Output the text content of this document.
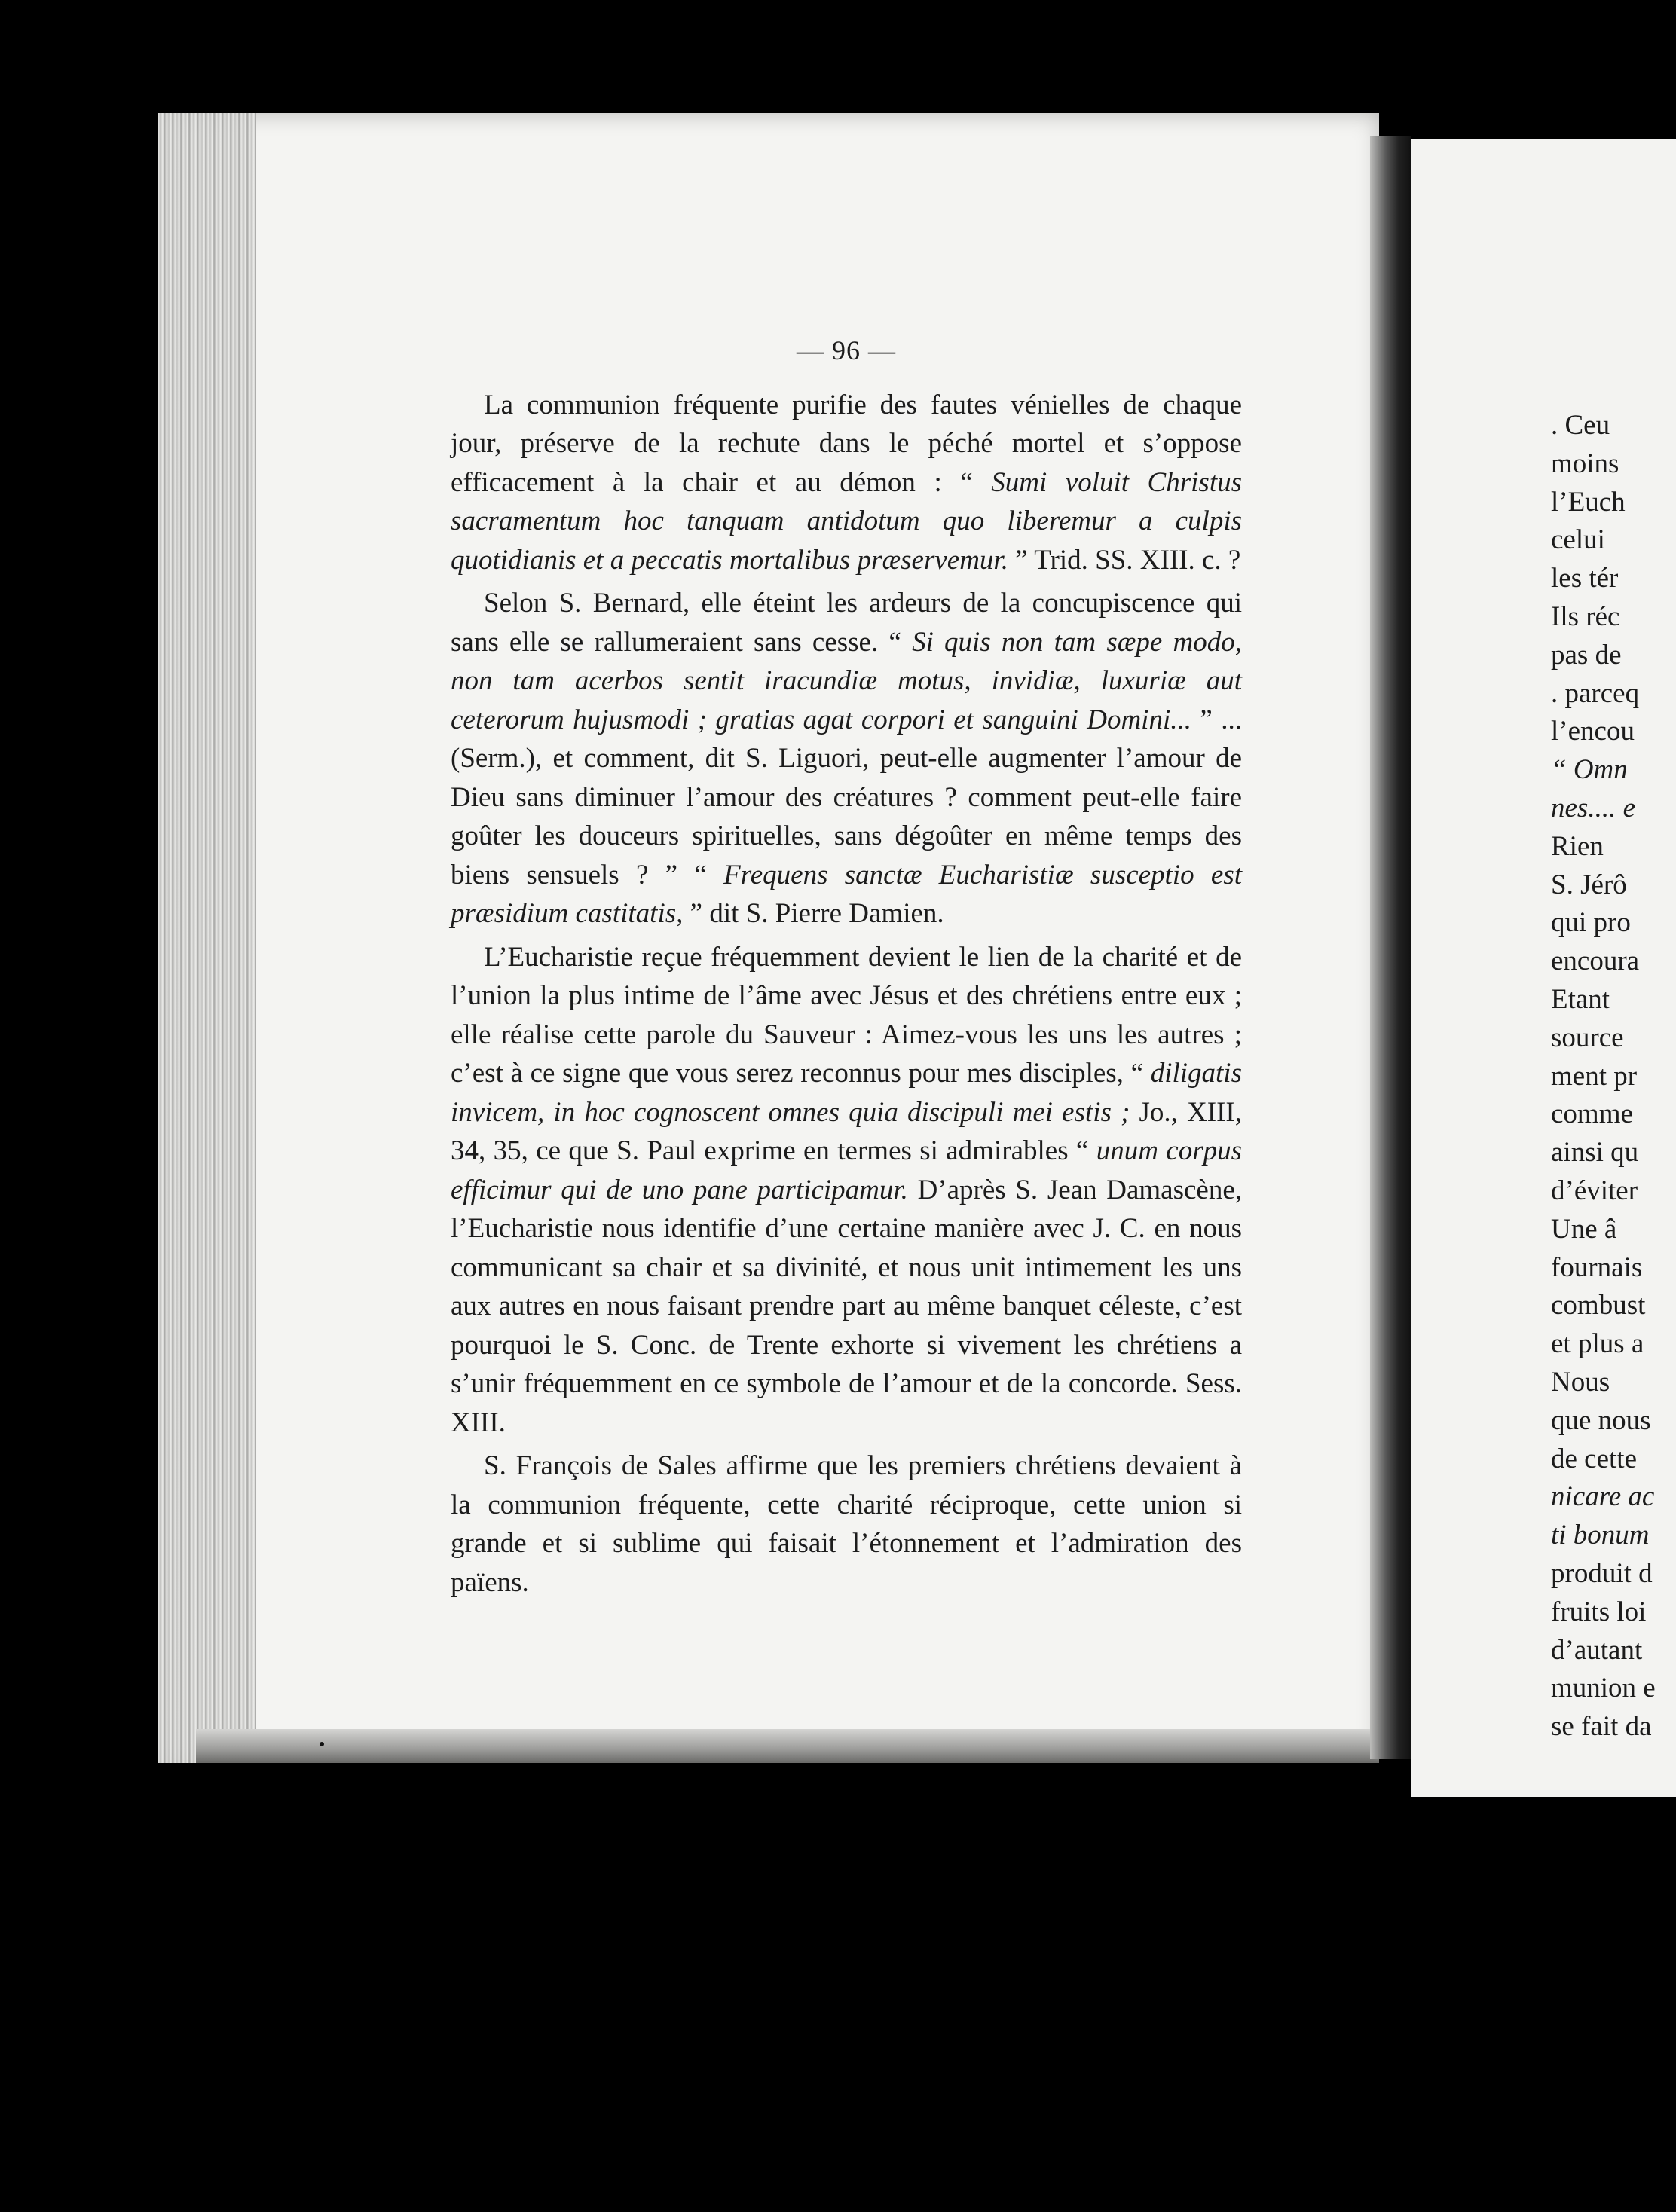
— 96 —

La communion fréquente purifie des fautes vénielles de chaque jour, préserve de la rechute dans le péché mortel et s’oppose efficacement à la chair et au démon : “ Sumi voluit Christus sacramentum hoc tanquam antidotum quo liberemur a culpis quotidianis et a peccatis mortalibus præservemur. ” Trid. SS. XIII. c. ?

Selon S. Bernard, elle éteint les ardeurs de la concupiscence qui sans elle se rallumeraient sans cesse. “ Si quis non tam sæpe modo, non tam acerbos sentit iracundiæ motus, invidiæ, luxuriæ aut ceterorum hujusmodi ; gratias agat corpori et sanguini Domini... ” ...(Serm.), et comment, dit S. Liguori, peut-elle augmenter l’amour de Dieu sans diminuer l’amour des créatures ? comment peut-elle faire goûter les douceurs spirituelles, sans dégoûter en même temps des biens sensuels ? ” “ Frequens sanctæ Eucharistiæ susceptio est præsidium castitatis, ” dit S. Pierre Damien.

L’Eucharistie reçue fréquemment devient le lien de la charité et de l’union la plus intime de l’âme avec Jésus et des chrétiens entre eux ; elle réalise cette parole du Sauveur : Aimez-vous les uns les autres ; c’est à ce signe que vous serez reconnus pour mes disciples, “ diligatis invicem, in hoc cognoscent omnes quia discipuli mei estis ; Jo., XIII, 34, 35, ce que S. Paul exprime en termes si admirables “ unum corpus efficimur qui de uno pane participamur. D’après S. Jean Damascène, l’Eucharistie nous identifie d’une certaine manière avec J. C. en nous communicant sa chair et sa divinité, et nous unit intimement les uns aux autres en nous faisant prendre part au même banquet céleste, c’est pourquoi le S. Conc. de Trente exhorte si vivement les chrétiens a s’unir fréquemment en ce symbole de l’amour et de la concorde. Sess. XIII.

S. François de Sales affirme que les premiers chrétiens devaient à la communion fréquente, cette charité réciproque, cette union si grande et si sublime qui faisait l’étonnement et l’admiration des païens.

. Ceu
moins
l’Euch
celui
les tér
Ils réc
pas de
. parceq
l’encou
“ Omn
nes.... e
Rien
S. Jérô
qui pro
encoura
Etant
source
ment pr
comme
ainsi qu
d’éviter
Une â
fournais
combust
et plus a
Nous
que nous
de cette
nicare ac
ti bonum
produit d
fruits loi
d’autant
munion e
se fait da
